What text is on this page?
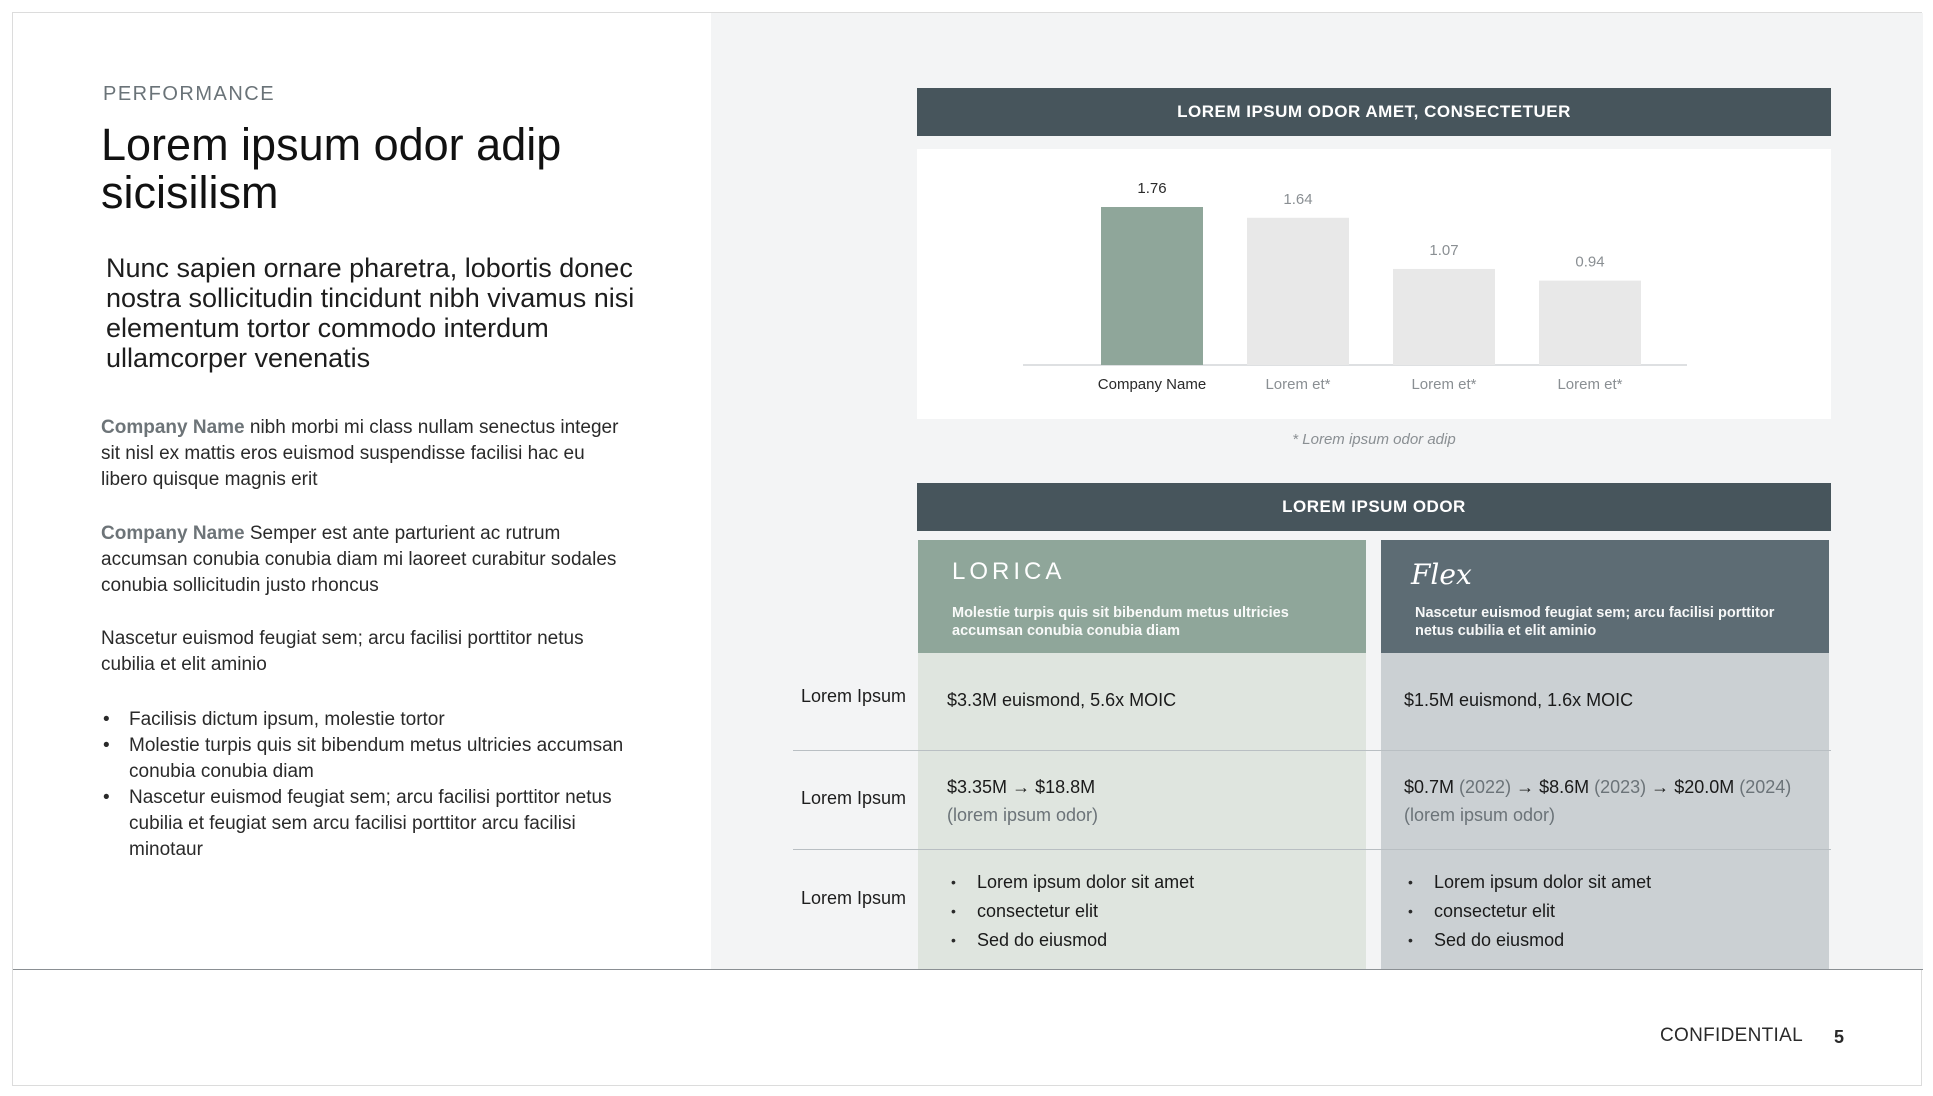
PERFORMANCE
Lorem ipsum odor adip sicisilism

Nunc sapien ornare pharetra, lobortis donec nostra sollicitudin tincidunt nibh vivamus nisi elementum tortor commodo interdum ullamcorper venenatis

Company Name nibh morbi mi class nullam senectus integer sit nisl ex mattis eros euismod suspendisse facilisi hac eu libero quisque magnis erit

Company Name Semper est ante parturient ac rutrum accumsan conubia conubia diam mi laoreet curabitur sodales conubia sollicitudin justo rhoncus

Nascetur euismod feugiat sem; arcu facilisi porttitor netus cubilia et elit aminio

• Facilisis dictum ipsum, molestie tortor
• Molestie turpis quis sit bibendum metus ultricies accumsan conubia conubia diam
• Nascetur euismod feugiat sem; arcu facilisi porttitor netus cubilia et feugiat sem arcu facilisi porttitor arcu facilisi minotaur
LOREM IPSUM ODOR AMET, CONSECTETUER
1.76
Company Name
1.64
Lorem et*
1.07
Lorem et*
0.94
Lorem et*
* Lorem ipsum odor adip
LOREM IPSUM ODOR
LORICA
Molestie turpis quis sit bibendum metus ultricies accumsan conubia conubia diam
Flex
Nascetur euismod feugiat sem; arcu facilisi porttitor netus cubilia et elit aminio
Lorem Ipsum
Lorem Ipsum
Lorem Ipsum
$3.3M euismond, 5.6x MOIC
$3.35M → $18.8M
(lorem ipsum odor)
• Lorem ipsum dolor sit amet
• consectetur elit
• Sed do eiusmod
$1.5M euismond, 1.6x MOIC
$0.7M (2022) → $8.6M (2023) → $20.0M (2024)
(lorem ipsum odor)
• Lorem ipsum dolor sit amet
• consectetur elit
• Sed do eiusmod
CONFIDENTIAL 5
